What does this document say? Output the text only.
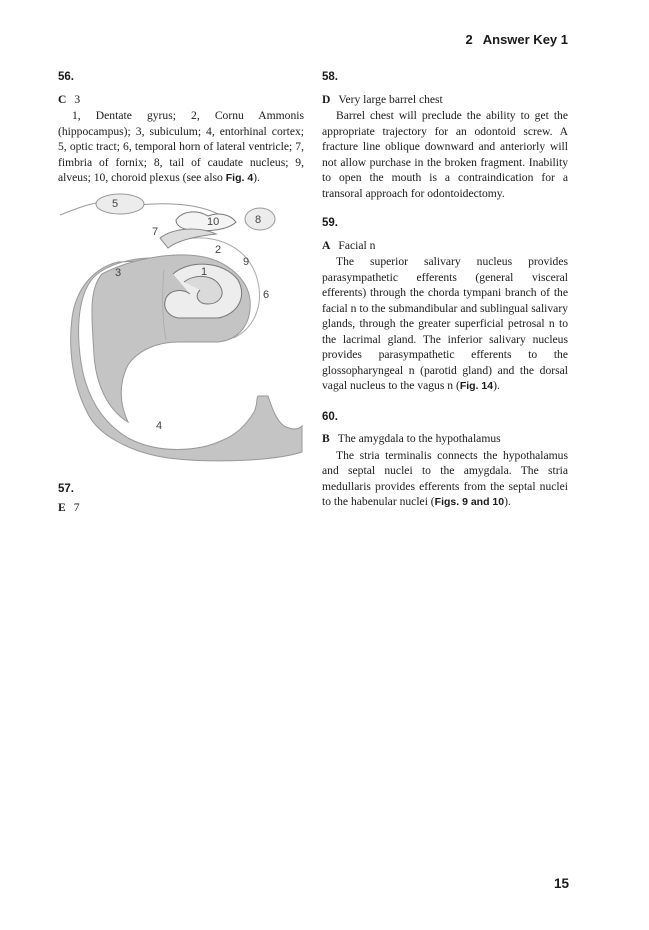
2 Answer Key 1
56.
C 3

1, Dentate gyrus; 2, Cornu Ammonis (hippocampus); 3, subiculum; 4, entorhinal cortex; 5, optic tract; 6, temporal horn of lateral ventricle; 7, fimbria of fornix; 8, tail of caudate nucleus; 9, alveus; 10, choroid plexus (see also Fig. 4).

1
2
3
4
5
6
7
8
9
10
57.
E 7
58.
D Very large barrel chest

Barrel chest will preclude the ability to get the appropriate trajectory for an odontoid screw. A fracture line oblique downward and anteriorly will not allow purchase in the broken fragment. Inability to open the mouth is a contraindication for a transoral approach for odontoidectomy.

59.
A Facial n

The superior salivary nucleus provides parasympathetic efferents (general visceral efferents) through the chorda tympani branch of the facial n to the submandibular and sublingual salivary glands, through the greater superficial petrosal n to the lacrimal gland. The inferior salivary nucleus provides parasympathetic efferents to the glossopharyngeal n (parotid gland) and the dorsal vagal nucleus to the vagus n (Fig. 14).

60.
B The amygdala to the hypothalamus

The stria terminalis connects the hypothalamus and septal nuclei to the amygdala. The stria medullaris provides efferents from the septal nuclei to the habenular nuclei (Figs. 9 and 10).

15
